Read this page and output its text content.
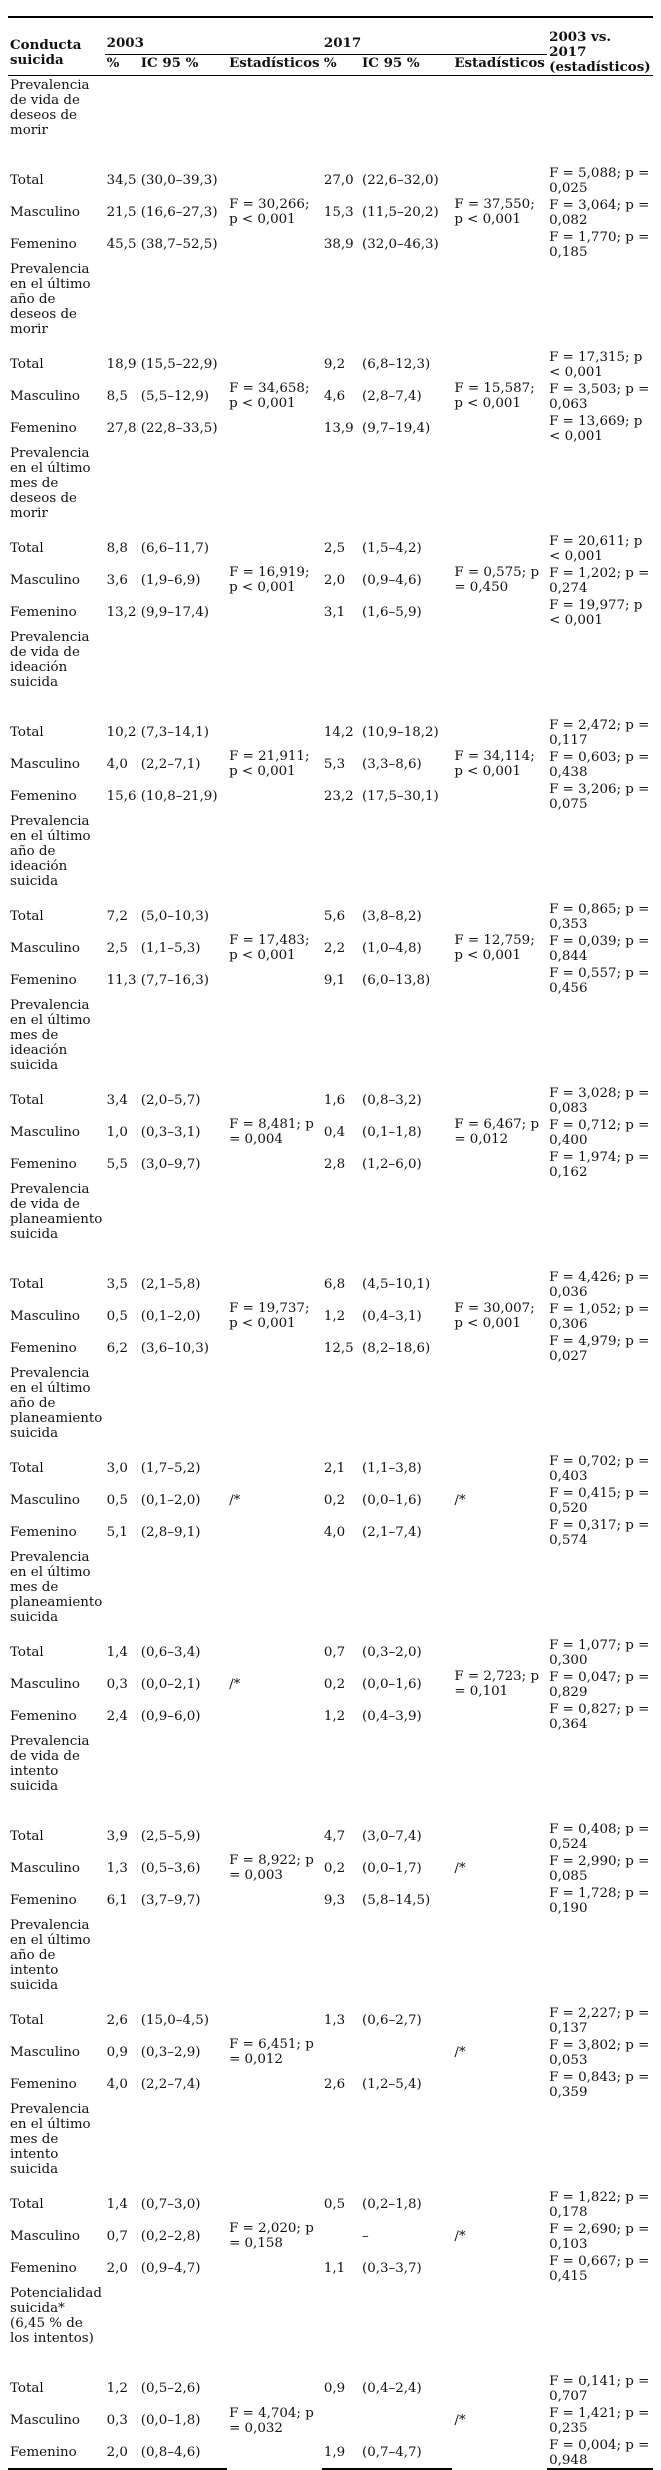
Conducta suicida	2003			2017			2003 vs. 2017 (estadísticos)
	%	IC 95 %	Estadísticos	%	IC 95 %	Estadísticos	
Prevalencia de vida de deseos de morir							
Total	34,5	(30,0–39,3)	F = 30,266; p < 0,001	27,0	(22,6–32,0)	F = 37,550; p < 0,001	F = 5,088; p = 0,025
Masculino	21,5	(16,6–27,3)		15,3	(11,5–20,2)		F = 3,064; p = 0,082
Femenino	45,5	(38,7–52,5)		38,9	(32,0–46,3)		F = 1,770; p = 0,185
Prevalencia en el último año de deseos de morir							
Total	18,9	(15,5–22,9)	F = 34,658; p < 0,001	9,2	(6,8–12,3)	F = 15,587; p < 0,001	F = 17,315; p < 0,001
Masculino	8,5	(5,5–12,9)		4,6	(2,8–7,4)		F = 3,503; p = 0,063
Femenino	27,8	(22,8–33,5)		13,9	(9,7–19,4)		F = 13,669; p < 0,001
Prevalencia en el último mes de deseos de morir							
Total	8,8	(6,6–11,7)	F = 16,919; p < 0,001	2,5	(1,5–4,2)	F = 0,575; p = 0,450	F = 20,611; p < 0,001
Masculino	3,6	(1,9–6,9)		2,0	(0,9–4,6)		F = 1,202; p = 0,274
Femenino	13,2	(9,9–17,4)		3,1	(1,6–5,9)		F = 19,977; p < 0,001
Prevalencia de vida de ideación suicida							
Total	10,2	(7,3–14,1)	F = 21,911; p < 0,001	14,2	(10,9–18,2)	F = 34,114; p < 0,001	F = 2,472; p = 0,117
Masculino	4,0	(2,2–7,1)		5,3	(3,3–8,6)		F = 0,603; p = 0,438
Femenino	15,6	(10,8–21,9)		23,2	(17,5–30,1)		F = 3,206; p = 0,075
Prevalencia en el último año de ideación suicida							
Total	7,2	(5,0–10,3)	F = 17,483; p < 0,001	5,6	(3,8–8,2)	F = 12,759; p < 0,001	F = 0,865; p = 0,353
Masculino	2,5	(1,1–5,3)		2,2	(1,0–4,8)		F = 0,039; p = 0,844
Femenino	11,3	(7,7–16,3)		9,1	(6,0–13,8)		F = 0,557; p = 0,456
Prevalencia en el último mes de ideación suicida							
Total	3,4	(2,0–5,7)	F = 8,481; p = 0,004	1,6	(0,8–3,2)	F = 6,467; p = 0,012	F = 3,028; p = 0,083
Masculino	1,0	(0,3–3,1)		0,4	(0,1–1,8)		F = 0,712; p = 0,400
Femenino	5,5	(3,0–9,7)		2,8	(1,2–6,0)		F = 1,974; p = 0,162
Prevalencia de vida de planeamiento suicida							
Total	3,5	(2,1–5,8)	F = 19,737; p < 0,001	6,8	(4,5–10,1)	F = 30,007; p < 0,001	F = 4,426; p = 0,036
Masculino	0,5	(0,1–2,0)		1,2	(0,4–3,1)		F = 1,052; p = 0,306
Femenino	6,2	(3,6–10,3)		12,5	(8,2–18,6)		F = 4,979; p = 0,027
Prevalencia en el último año de planeamiento suicida							
Total	3,0	(1,7–5,2)	/*	2,1	(1,1–3,8)	/*	F = 0,702; p = 0,403
Masculino	0,5	(0,1–2,0)		0,2	(0,0–1,6)		F = 0,415; p = 0,520
Femenino	5,1	(2,8–9,1)		4,0	(2,1–7,4)		F = 0,317; p = 0,574
Prevalencia en el último mes de planeamiento suicida							
Total	1,4	(0,6–3,4)	/*	0,7	(0,3–2,0)	F = 2,723; p = 0,101	F = 1,077; p = 0,300
Masculino	0,3	(0,0–2,1)		0,2	(0,0–1,6)		F = 0,047; p = 0,829
Femenino	2,4	(0,9–6,0)		1,2	(0,4–3,9)		F = 0,827; p = 0,364
Prevalencia de vida de intento suicida							
Total	3,9	(2,5–5,9)	F = 8,922; p = 0,003	4,7	(3,0–7,4)	/*	F = 0,408; p = 0,524
Masculino	1,3	(0,5–3,6)		0,2	(0,0–1,7)		F = 2,990; p = 0,085
Femenino	6,1	(3,7–9,7)		9,3	(5,8–14,5)		F = 1,728; p = 0,190
Prevalencia en el último año de intento suicida							
Total	2,6	(15,0–4,5)	F = 6,451; p = 0,012	1,3	(0,6–2,7)	/*	F = 2,227; p = 0,137
Masculino	0,9	(0,3–2,9)					F = 3,802; p = 0,053
Femenino	4,0	(2,2–7,4)		2,6	(1,2–5,4)		F = 0,843; p = 0,359
Prevalencia en el último mes de intento suicida							
Total	1,4	(0,7–3,0)	F = 2,020; p = 0,158	0,5	(0,2–1,8)	/*	F = 1,822; p = 0,178
Masculino	0,7	(0,2–2,8)			–		F = 2,690; p = 0,103
Femenino	2,0	(0,9–4,7)		1,1	(0,3–3,7)		F = 0,667; p = 0,415
Potencialidad suicida* (6,45 % de los intentos)							
Total	1,2	(0,5–2,6)	F = 4,704; p = 0,032	0,9	(0,4–2,4)	/*	F = 0,141; p = 0,707
Masculino	0,3	(0,0–1,8)					F = 1,421; p = 0,235
Femenino	2,0	(0,8–4,6)		1,9	(0,7–4,7)		F = 0,004; p = 0,948
